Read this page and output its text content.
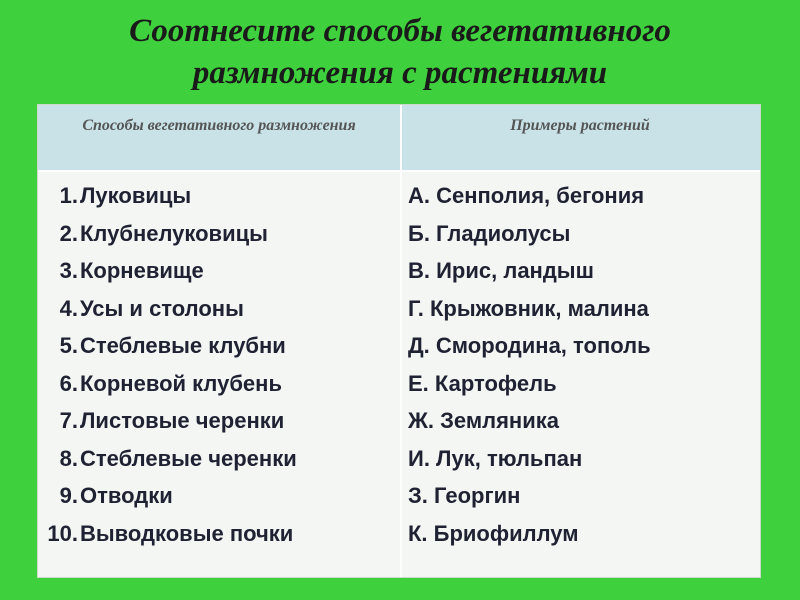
Соотнесите способы вегетативного
размножения с растениями
Способы вегетативного размножения	Примеры растений
1. Луковицы
2. Клубнелуковицы
3. Корневище
4. Усы и столоны
5. Стеблевые клубни
6. Корневой клубень
7. Листовые черенки
8. Стеблевые черенки
9. Отводки
10. Выводковые почки
А. Сенполия, бегония
Б. Гладиолусы
В. Ирис, ландыш
Г. Крыжовник, малина
Д. Смородина, тополь
Е. Картофель
Ж. Земляника
И. Лук, тюльпан
З. Георгин
К. Бриофиллум
